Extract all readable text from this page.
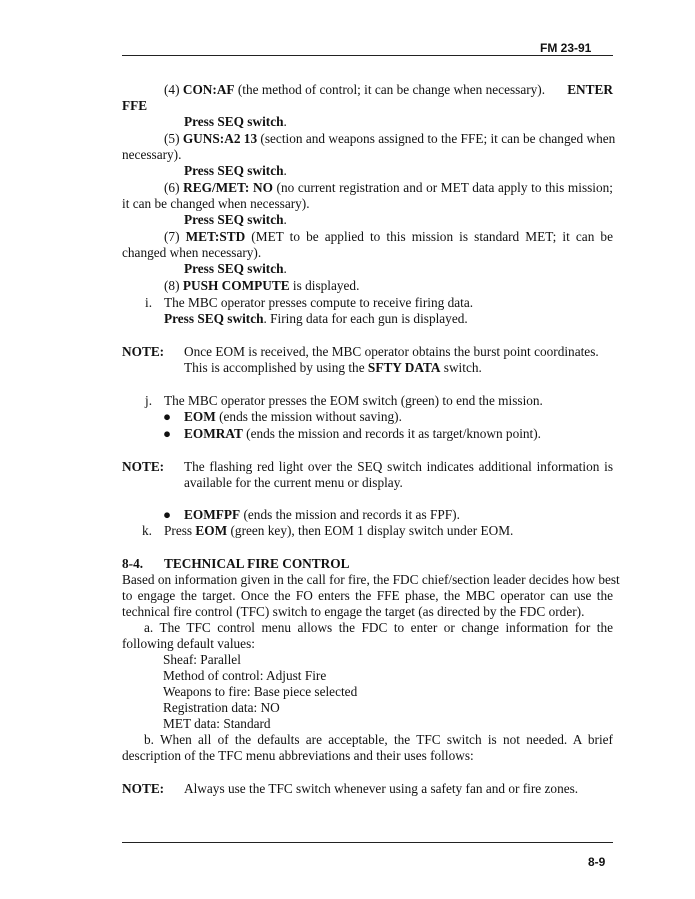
FM 23-91
(4) CON:AF (the method of control; it can be change when necessary). ENTER
FFE
Press SEQ switch.
(5) GUNS:A2 13 (section and weapons assigned to the FFE; it can be changed when
necessary).
Press SEQ switch.
(6) REG/MET: NO (no current registration and or MET data apply to this mission;
it can be changed when necessary).
Press SEQ switch.
(7) MET:STD (MET to be applied to this mission is standard MET; it can be
changed when necessary).
Press SEQ switch.
(8) PUSH COMPUTE is displayed.
i. The MBC operator presses compute to receive firing data.
Press SEQ switch. Firing data for each gun is displayed.
NOTE: Once EOM is received, the MBC operator obtains the burst point coordinates.
This is accomplished by using the SFTY DATA switch.
j. The MBC operator presses the EOM switch (green) to end the mission.
● EOM (ends the mission without saving).
● EOMRAT (ends the mission and records it as target/known point).
NOTE: The flashing red light over the SEQ switch indicates additional information is
available for the current menu or display.
● EOMFPF (ends the mission and records it as FPF).
k. Press EOM (green key), then EOM 1 display switch under EOM.
8-4. TECHNICAL FIRE CONTROL
Based on information given in the call for fire, the FDC chief/section leader decides how best
to engage the target. Once the FO enters the FFE phase, the MBC operator can use the
technical fire control (TFC) switch to engage the target (as directed by the FDC order).
a. The TFC control menu allows the FDC to enter or change information for the
following default values:
Sheaf: Parallel
Method of control: Adjust Fire
Weapons to fire: Base piece selected
Registration data: NO
MET data: Standard
b. When all of the defaults are acceptable, the TFC switch is not needed. A brief
description of the TFC menu abbreviations and their uses follows:
NOTE: Always use the TFC switch whenever using a safety fan and or fire zones.
8-9
